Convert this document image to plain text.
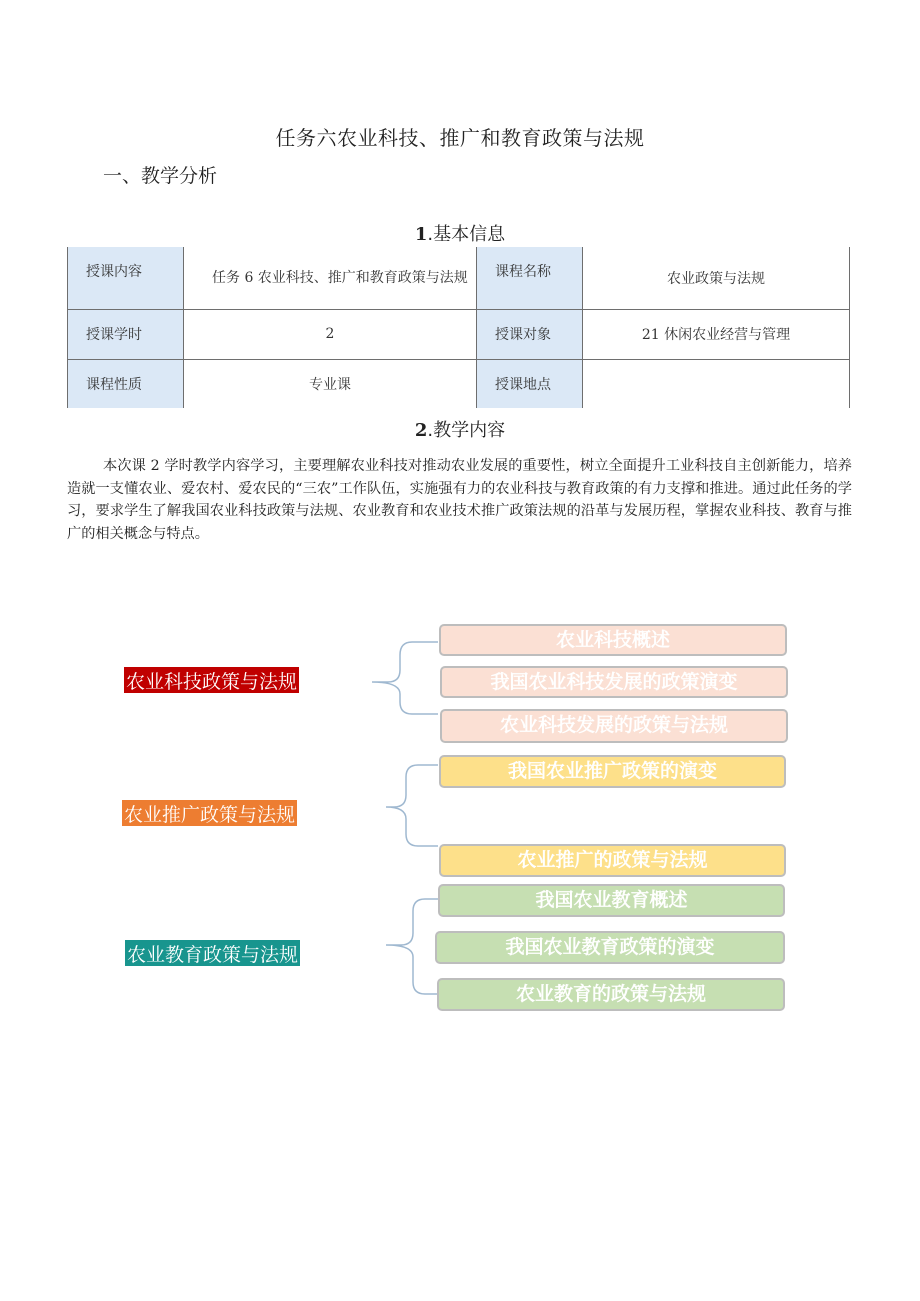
任务六农业科技、推广和教育政策与法规
一、教学分析
1.基本信息
授课内容	任务 6 农业科技、推广和教育政策与法规	课程名称	农业政策与法规
授课学时	2	授课对象	21 休闲农业经营与管理
课程性质	专业课	授课地点	
2.教学内容
本次课 2 学时教学内容学习，主要理解农业科技对推动农业发展的重要性，树立全面提升工业科技自主创新能力，培养造就一支懂农业、爱农村、爱农民的“三农”工作队伍，实施强有力的农业科技与教育政策的有力支撑和推进。通过此任务的学习，要求学生了解我国农业科技政策与法规、农业教育和农业技术推广政策法规的沿革与发展历程，掌握农业科技、教育与推广的相关概念与特点。
农业科技政策与法规
农业推广政策与法规
农业教育政策与法规
农业科技概述
我国农业科技发展的政策演变
农业科技发展的政策与法规
我国农业推广政策的演变
农业推广的政策与法规
我国农业教育概述
我国农业教育政策的演变
农业教育的政策与法规
